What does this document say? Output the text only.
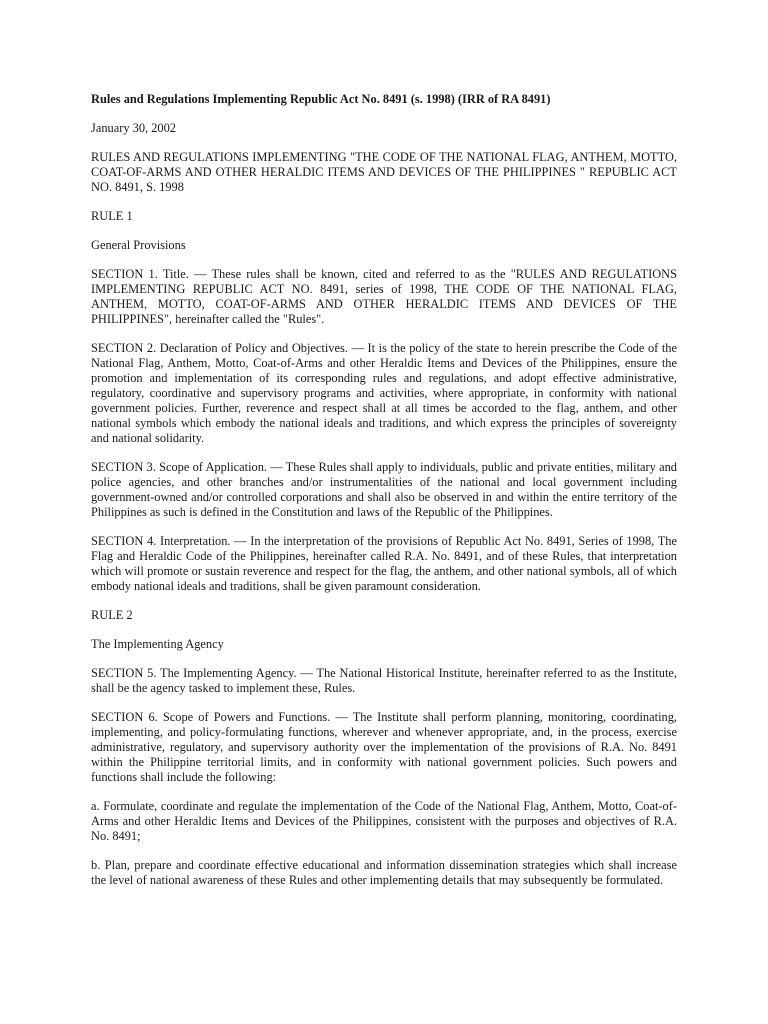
Rules and Regulations Implementing Republic Act No. 8491 (s. 1998) (IRR of RA 8491)

January 30, 2002

RULES AND REGULATIONS IMPLEMENTING "THE CODE OF THE NATIONAL FLAG, ANTHEM, MOTTO, COAT-OF-ARMS AND OTHER HERALDIC ITEMS AND DEVICES OF THE PHILIPPINES " REPUBLIC ACT NO. 8491, S. 1998

RULE 1

General Provisions

SECTION 1. Title. — These rules shall be known, cited and referred to as the "RULES AND REGULATIONS IMPLEMENTING REPUBLIC ACT NO. 8491, series of 1998, THE CODE OF THE NATIONAL FLAG, ANTHEM, MOTTO, COAT-OF-ARMS AND OTHER HERALDIC ITEMS AND DEVICES OF THE PHILIPPINES", hereinafter called the "Rules".

SECTION 2. Declaration of Policy and Objectives. — It is the policy of the state to herein prescribe the Code of the National Flag, Anthem, Motto, Coat-of-Arms and other Heraldic Items and Devices of the Philippines, ensure the promotion and implementation of its corresponding rules and regulations, and adopt effective administrative, regulatory, coordinative and supervisory programs and activities, where appropriate, in conformity with national government policies. Further, reverence and respect shall at all times be accorded to the flag, anthem, and other national symbols which embody the national ideals and traditions, and which express the principles of sovereignty and national solidarity.

SECTION 3. Scope of Application. — These Rules shall apply to individuals, public and private entities, military and police agencies, and other branches and/or instrumentalities of the national and local government including government-owned and/or controlled corporations and shall also be observed in and within the entire territory of the Philippines as such is defined in the Constitution and laws of the Republic of the Philippines.

SECTION 4. Interpretation. — In the interpretation of the provisions of Republic Act No. 8491, Series of 1998, The Flag and Heraldic Code of the Philippines, hereinafter called R.A. No. 8491, and of these Rules, that interpretation which will promote or sustain reverence and respect for the flag, the anthem, and other national symbols, all of which embody national ideals and traditions, shall be given paramount consideration.

RULE 2

The Implementing Agency

SECTION 5. The Implementing Agency. — The National Historical Institute, hereinafter referred to as the Institute, shall be the agency tasked to implement these, Rules.

SECTION 6. Scope of Powers and Functions. — The Institute shall perform planning, monitoring, coordinating, implementing, and policy-formulating functions, wherever and whenever appropriate, and, in the process, exercise administrative, regulatory, and supervisory authority over the implementation of the provisions of R.A. No. 8491 within the Philippine territorial limits, and in conformity with national government policies. Such powers and functions shall include the following:

a. Formulate, coordinate and regulate the implementation of the Code of the National Flag, Anthem, Motto, Coat-of-Arms and other Heraldic Items and Devices of the Philippines, consistent with the purposes and objectives of R.A. No. 8491;

b. Plan, prepare and coordinate effective educational and information dissemination strategies which shall increase the level of national awareness of these Rules and other implementing details that may subsequently be formulated.
